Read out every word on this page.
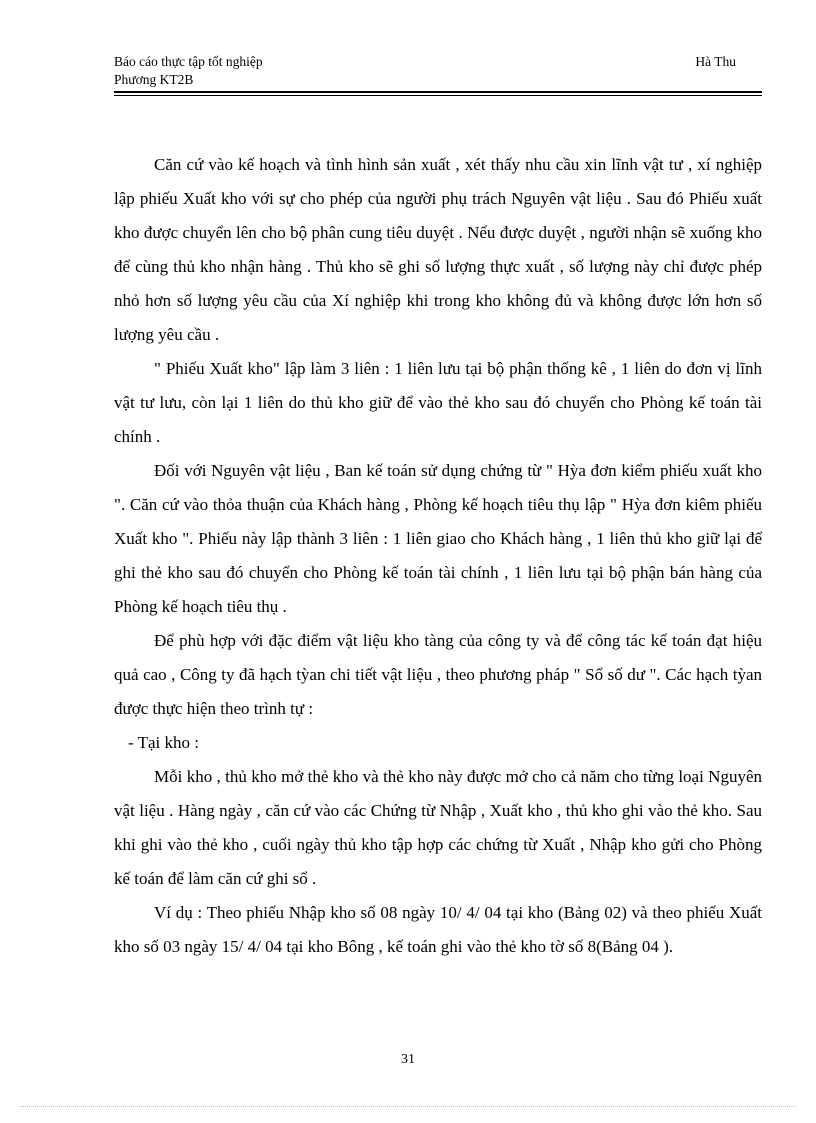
Báo cáo thực tập tốt nghiệp	Hà Thu
Phương KT2B

Căn cứ vào kế hoạch và tình hình sản xuất , xét thấy nhu cầu xin lĩnh vật tư , xí nghiệp lập phiếu Xuất kho với sự cho phép của người phụ trách Nguyên vật liệu . Sau đó Phiếu xuất kho được chuyển lên cho bộ phân cung tiêu duyệt . Nếu được duyệt , người nhận sẽ xuống kho để cùng thủ kho nhận hàng . Thủ kho sẽ ghi số lượng thực xuất , số lượng này chỉ được phép nhỏ hơn số lượng yêu cầu của Xí nghiệp khi trong kho không đủ và không được lớn hơn số lượng yêu cầu .

" Phiếu Xuất kho" lập làm 3 liên : 1 liên lưu tại bộ phận thống kê , 1 liên do đơn vị lĩnh vật tư lưu, còn lại 1 liên do thủ kho giữ để vào thẻ kho sau đó chuyển cho Phòng kế toán tài chính .

Đối với Nguyên vật liệu , Ban kế toán sử dụng chứng từ " Hỳa đơn kiểm phiếu xuất kho ". Căn cứ vào thỏa thuận của Khách hàng , Phòng kế hoạch tiêu thụ lập " Hỳa đơn kiêm phiếu Xuất kho ". Phiếu này lập thành 3 liên : 1 liên giao cho Khách hàng , 1 liên thủ kho giữ lại để ghi thẻ kho sau đó chuyển cho Phòng kế toán tài chính , 1 liên lưu tại bộ phận bán hàng của Phòng kế hoạch tiêu thụ .

Để phù hợp với đặc điểm vật liệu kho tàng của công ty và để công tác kế toán đạt hiệu quả cao , Công ty đã hạch tỳan chi tiết vật liệu , theo phương pháp " Sổ số dư ". Các hạch tỳan được thực hiện theo trình tự :

- Tại kho :

Mỗi kho , thủ kho mở thẻ kho và thẻ kho này được mở cho cả năm cho từng loại Nguyên vật liệu . Hàng ngày , căn cứ vào các Chứng từ Nhập , Xuất kho , thủ kho ghi vào thẻ kho. Sau khi ghi vào thẻ kho , cuối ngày thủ kho tập hợp các chứng từ Xuất , Nhập kho gửi cho Phòng kế toán để làm căn cứ ghi sổ .

Ví dụ : Theo phiếu Nhập kho số 08 ngày 10/ 4/ 04 tại kho (Bảng 02) và theo phiếu Xuất kho số 03 ngày 15/ 4/ 04 tại kho Bông , kế toán ghi vào thẻ kho tờ số 8(Bảng 04 ).

31
